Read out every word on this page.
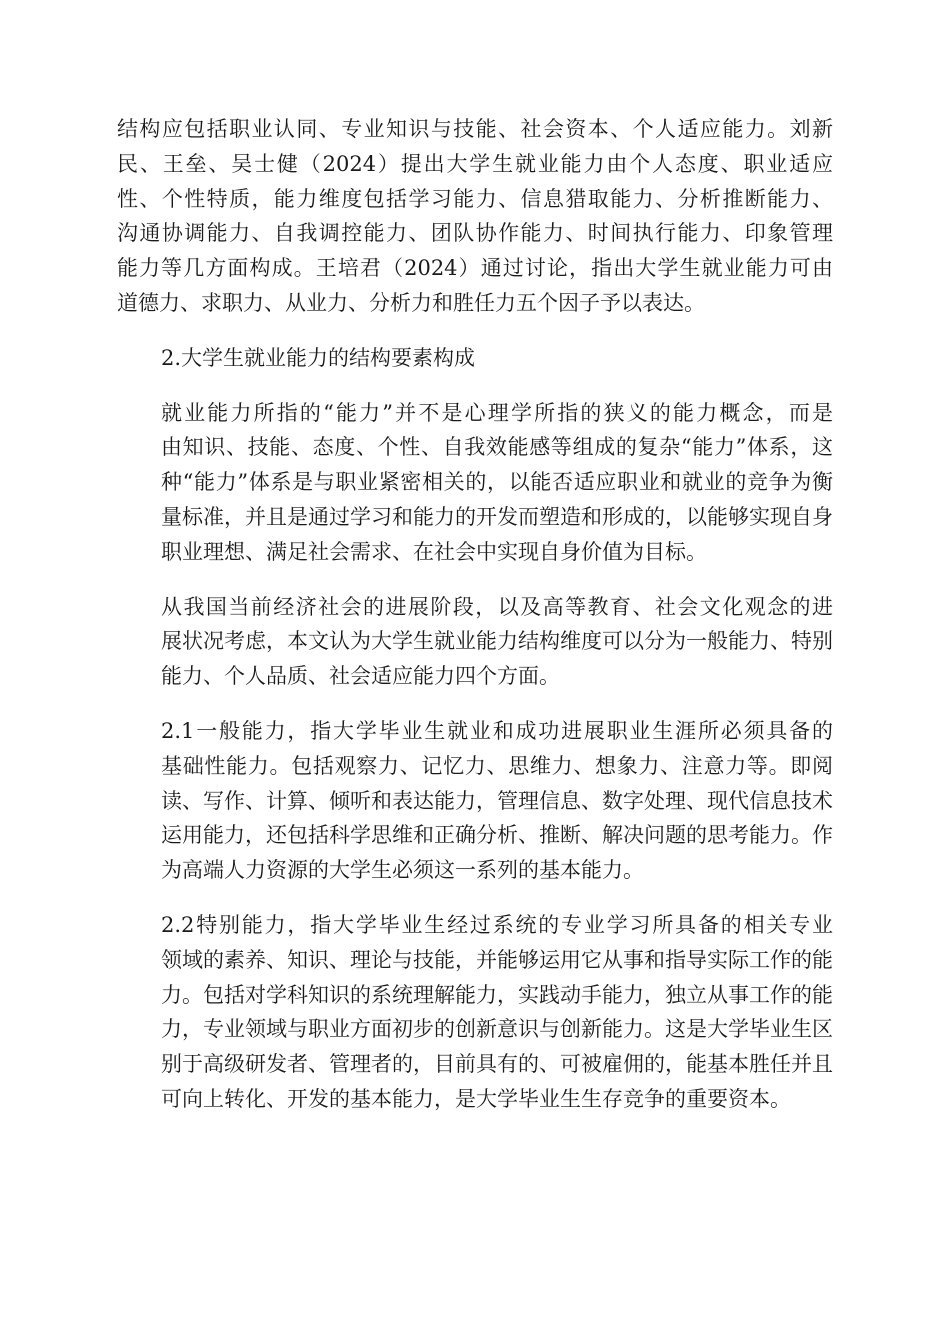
结构应包括职业认同、专业知识与技能、社会资本、个人适应能力。刘新
民、王垒、吴士健（2024）提出大学生就业能力由个人态度、职业适应
性、个性特质，能力维度包括学习能力、信息猎取能力、分析推断能力、
沟通协调能力、自我调控能力、团队协作能力、时间执行能力、印象管理
能力等几方面构成。王培君（2024）通过讨论，指出大学生就业能力可由
道德力、求职力、从业力、分析力和胜任力五个因子予以表达。
2.大学生就业能力的结构要素构成
就业能力所指的“能力”并不是心理学所指的狭义的能力概念，而是
由知识、技能、态度、个性、自我效能感等组成的复杂“能力”体系，这
种“能力”体系是与职业紧密相关的，以能否适应职业和就业的竞争为衡
量标准，并且是通过学习和能力的开发而塑造和形成的，以能够实现自身
职业理想、满足社会需求、在社会中实现自身价值为目标。
从我国当前经济社会的进展阶段，以及高等教育、社会文化观念的进
展状况考虑，本文认为大学生就业能力结构维度可以分为一般能力、特别
能力、个人品质、社会适应能力四个方面。
2.1一般能力，指大学毕业生就业和成功进展职业生涯所必须具备的
基础性能力。包括观察力、记忆力、思维力、想象力、注意力等。即阅
读、写作、计算、倾听和表达能力，管理信息、数字处理、现代信息技术
运用能力，还包括科学思维和正确分析、推断、解决问题的思考能力。作
为高端人力资源的大学生必须这一系列的基本能力。
2.2特别能力，指大学毕业生经过系统的专业学习所具备的相关专业
领域的素养、知识、理论与技能，并能够运用它从事和指导实际工作的能
力。包括对学科知识的系统理解能力，实践动手能力，独立从事工作的能
力，专业领域与职业方面初步的创新意识与创新能力。这是大学毕业生区
别于高级研发者、管理者的，目前具有的、可被雇佣的，能基本胜任并且
可向上转化、开发的基本能力，是大学毕业生生存竞争的重要资本。
